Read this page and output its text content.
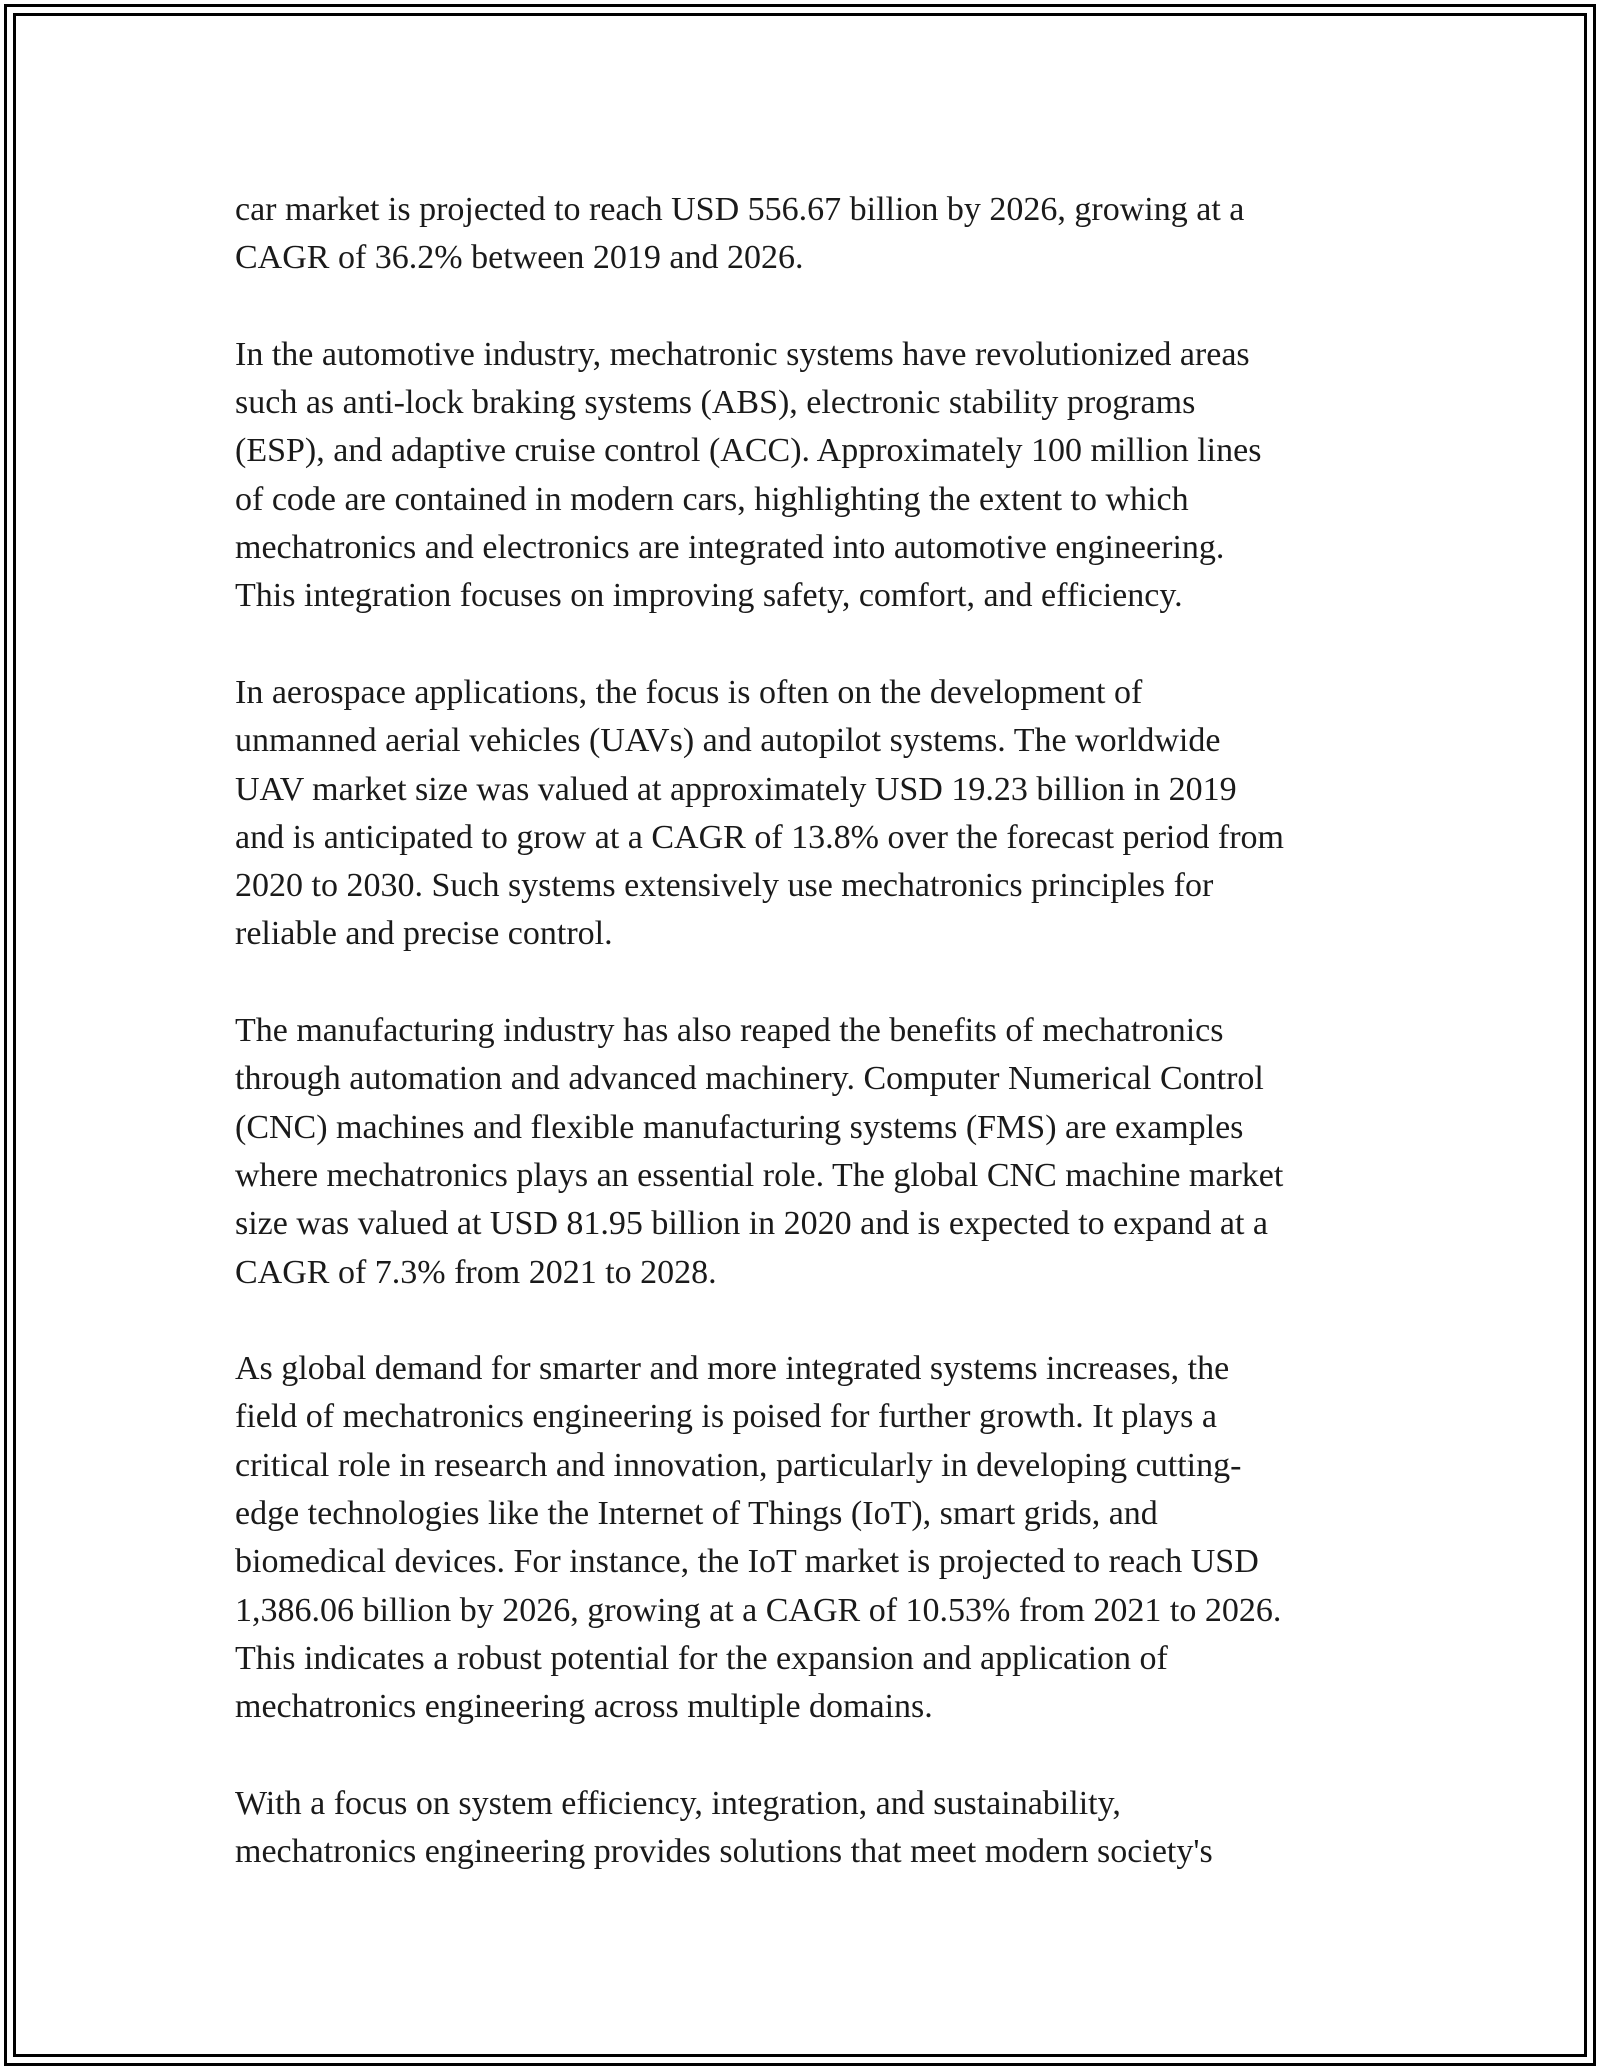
car market is projected to reach USD 556.67 billion by 2026, growing at a
CAGR of 36.2% between 2019 and 2026.

In the automotive industry, mechatronic systems have revolutionized areas
such as anti-lock braking systems (ABS), electronic stability programs
(ESP), and adaptive cruise control (ACC). Approximately 100 million lines
of code are contained in modern cars, highlighting the extent to which
mechatronics and electronics are integrated into automotive engineering.
This integration focuses on improving safety, comfort, and efficiency.

In aerospace applications, the focus is often on the development of
unmanned aerial vehicles (UAVs) and autopilot systems. The worldwide
UAV market size was valued at approximately USD 19.23 billion in 2019
and is anticipated to grow at a CAGR of 13.8% over the forecast period from
2020 to 2030. Such systems extensively use mechatronics principles for
reliable and precise control.

The manufacturing industry has also reaped the benefits of mechatronics
through automation and advanced machinery. Computer Numerical Control
(CNC) machines and flexible manufacturing systems (FMS) are examples
where mechatronics plays an essential role. The global CNC machine market
size was valued at USD 81.95 billion in 2020 and is expected to expand at a
CAGR of 7.3% from 2021 to 2028.

As global demand for smarter and more integrated systems increases, the
field of mechatronics engineering is poised for further growth. It plays a
critical role in research and innovation, particularly in developing cutting-
edge technologies like the Internet of Things (IoT), smart grids, and
biomedical devices. For instance, the IoT market is projected to reach USD
1,386.06 billion by 2026, growing at a CAGR of 10.53% from 2021 to 2026.
This indicates a robust potential for the expansion and application of
mechatronics engineering across multiple domains.

With a focus on system efficiency, integration, and sustainability,
mechatronics engineering provides solutions that meet modern society's
